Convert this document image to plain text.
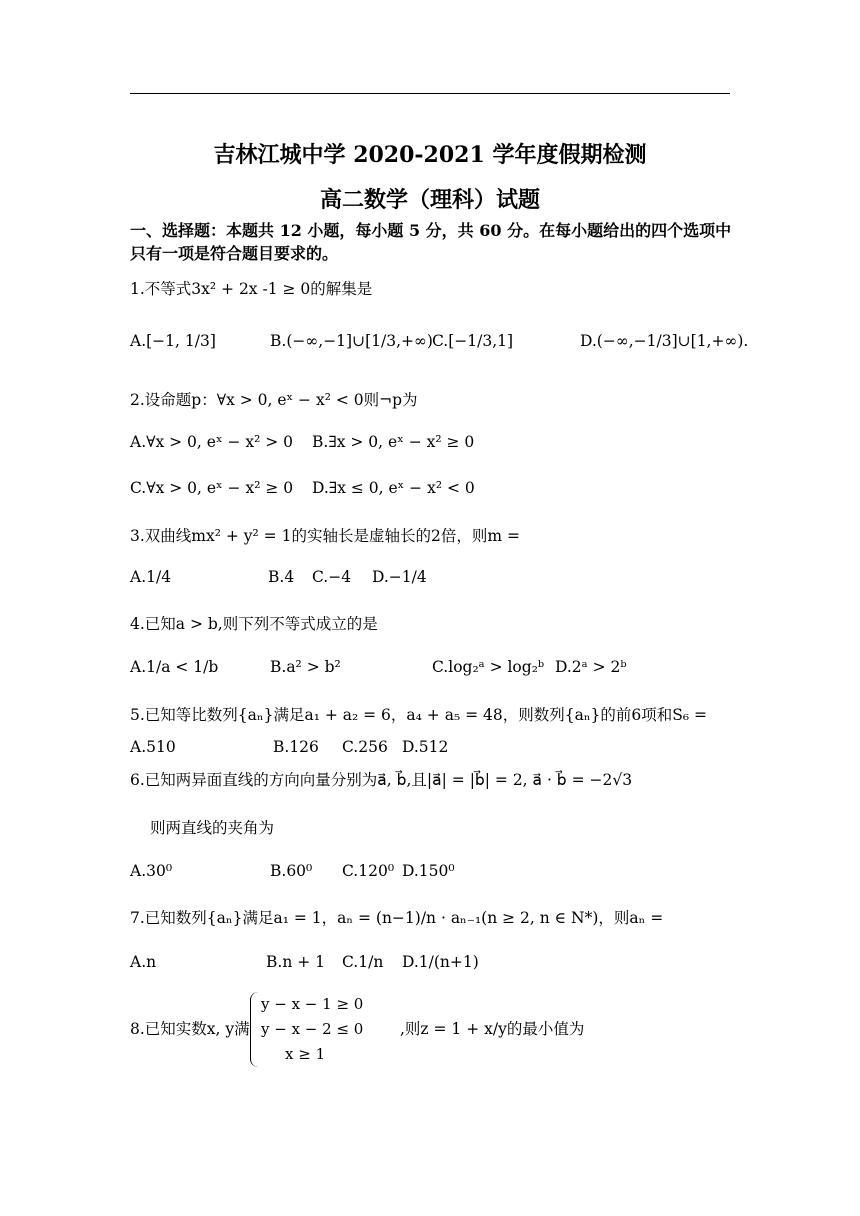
吉林江城中学 2020-2021 学年度假期检测
高二数学（理科）试题
一、选择题：本题共 12 小题，每小题 5 分，共 60 分。在每小题给出的四个选项中只有一项是符合题目要求的。
1.不等式3x² + 2x -1 ≥ 0的解集是
A.[−1, 1/3]	B.(−∞,−1]∪[1/3,+∞) C.[−1/3,1]	D.(−∞,−1/3]∪[1,+∞).
2.设命题p：∀x > 0, eˣ − x² < 0则¬p为
A.∀x > 0, eˣ − x² > 0 B.∃x > 0, eˣ − x² ≥ 0
C.∀x > 0, eˣ − x² ≥ 0 D.∃x ≤ 0, eˣ − x² < 0
3.双曲线mx² + y² = 1的实轴长是虚轴长的2倍，则m =
A.1/4	B.4 C.−4 D.−1/4
4.已知a > b,则下列不等式成立的是
A.1/a < 1/b	B.a² > b²	C.log₂ᵃ > log₂ᵇ D.2ᵃ > 2ᵇ
5.已知等比数列{aₙ}满足a₁ + a₂ = 6，a₄ + a₅ = 48，则数列{aₙ}的前6项和S₆ =
A.510	B.126 C.256 D.512
6.已知两异面直线的方向向量分别为a⃗, b⃗,且|a⃗| = |b⃗| = 2, a⃗ · b⃗ = −2√3
则两直线的夹角为
A.30⁰	B.60⁰ C.120⁰ D.150⁰
7.已知数列{aₙ}满足a₁ = 1，aₙ = (n−1)/n · aₙ₋₁(n ≥ 2, n ∈ N*)，则aₙ =
A.n	B.n + 1 C.1/n D.1/(n+1)
8.已知实数x, y满
y − x − 1 ≥ 0
y − x − 2 ≤ 0
x ≥ 1
,则z = 1 + x/y的最小值为
